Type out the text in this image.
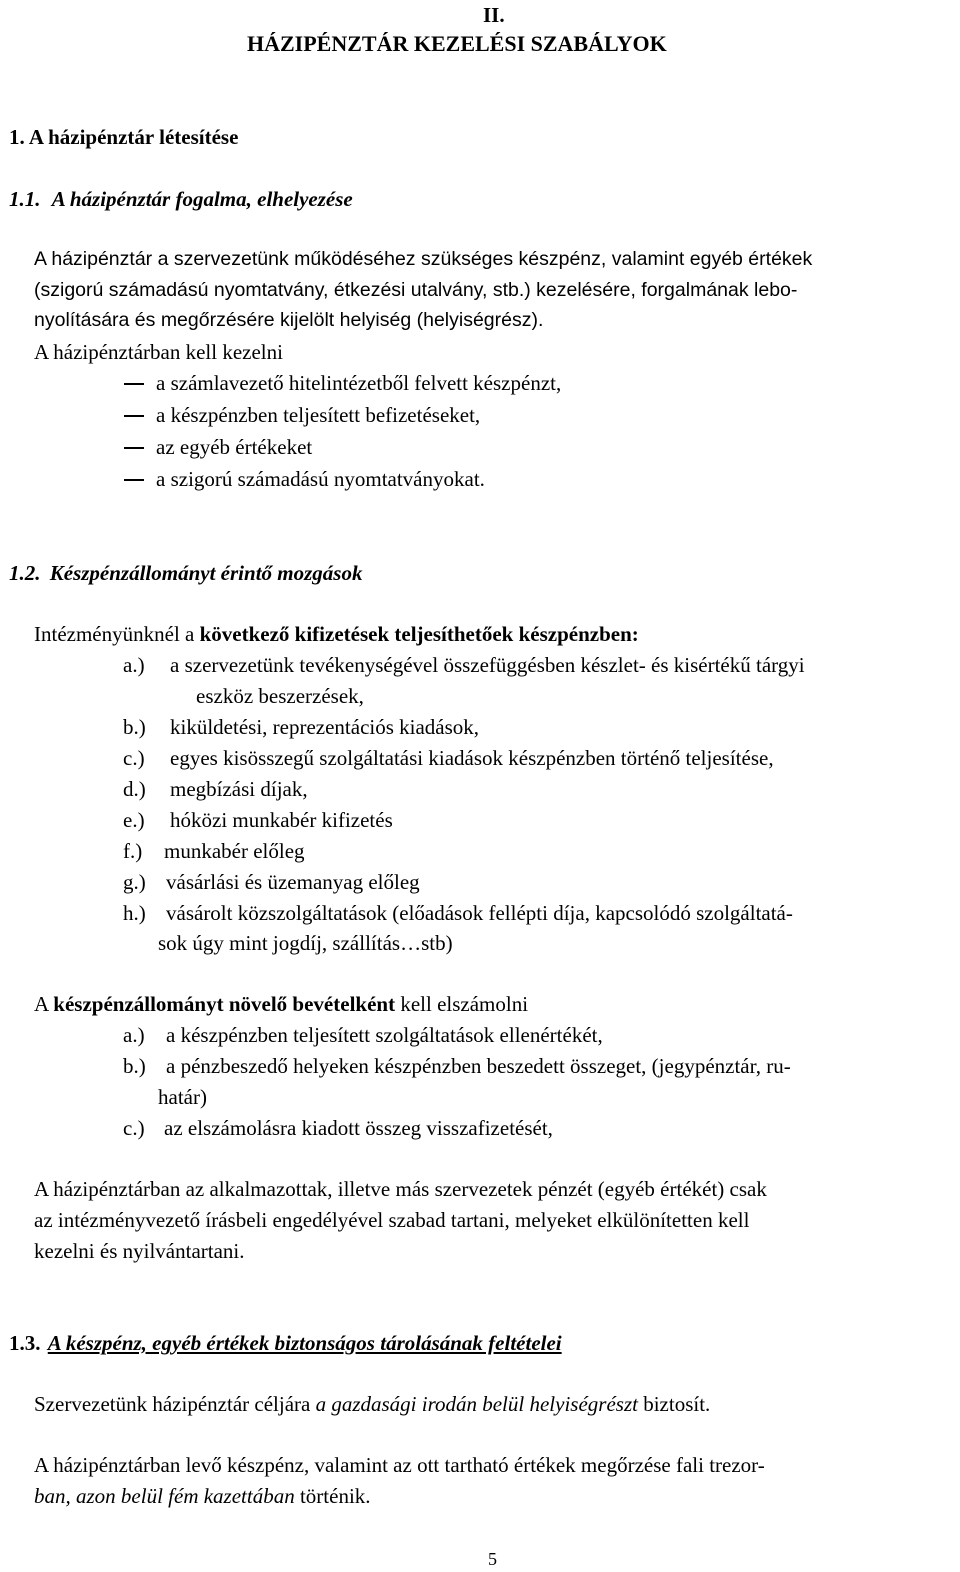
II.
HÁZIPÉNZTÁR KEZELÉSI SZABÁLYOK
1. A házipénztár létesítése
1.1. A házipénztár fogalma, elhelyezése
A házipénztár a szervezetünk működéséhez szükséges készpénz, valamint egyéb értékek
(szigorú számadású nyomtatvány, étkezési utalvány, stb.) kezelésére, forgalmának lebo-
nyolítására és megőrzésére kijelölt helyiség (helyiségrész).
A házipénztárban kell kezelni
a számlavezető hitelintézetből felvett készpénzt,
a készpénzben teljesített befizetéseket,
az egyéb értékeket
a szigorú számadású nyomtatványokat.
1.2. Készpénzállományt érintő mozgások
Intézményünknél a következő kifizetések teljesíthetőek készpénzben:
a.) a szervezetünk tevékenységével összefüggésben készlet- és kisértékű tárgyi
eszköz beszerzések,
b.) kiküldetési, reprezentációs kiadások,
c.) egyes kisösszegű szolgáltatási kiadások készpénzben történő teljesítése,
d.) megbízási díjak,
e.) hóközi munkabér kifizetés
f.) munkabér előleg
g.) vásárlási és üzemanyag előleg
h.) vásárolt közszolgáltatások (előadások fellépti díja, kapcsolódó szolgáltatá-
sok úgy mint jogdíj, szállítás…stb)
A készpénzállományt növelő bevételként kell elszámolni
a.) a készpénzben teljesített szolgáltatások ellenértékét,
b.) a pénzbeszedő helyeken készpénzben beszedett összeget, (jegypénztár, ru-
határ)
c.) az elszámolásra kiadott összeg visszafizetését,
A házipénztárban az alkalmazottak, illetve más szervezetek pénzét (egyéb értékét) csak
az intézményvezető írásbeli engedélyével szabad tartani, melyeket elkülönítetten kell
kezelni és nyilvántartani.
1.3. A készpénz, egyéb értékek biztonságos tárolásának feltételei
Szervezetünk házipénztár céljára a gazdasági irodán belül helyiségrészt biztosít.
A házipénztárban levő készpénz, valamint az ott tartható értékek megőrzése fali trezor-
ban, azon belül fém kazettában történik.
5
